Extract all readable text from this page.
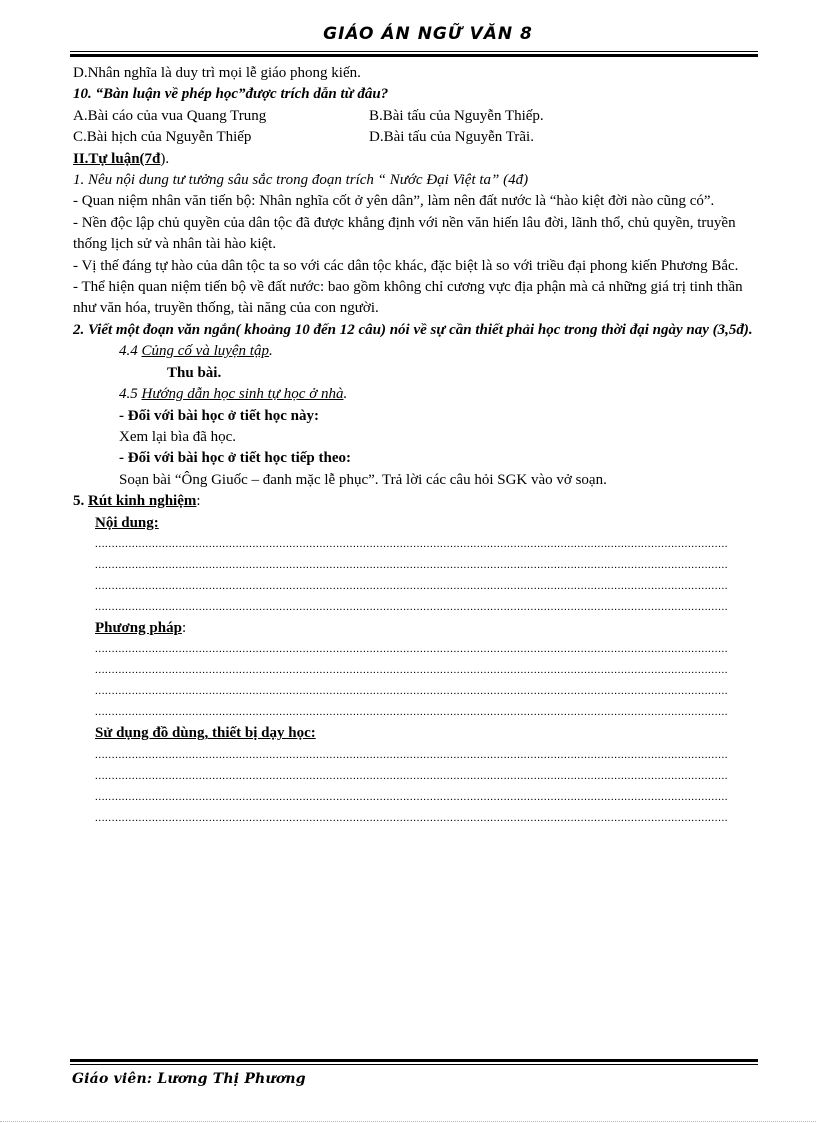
GIÁO ÁN NGỮ VĂN 8

D.Nhân nghĩa là duy trì mọi lễ giáo phong kiến.

10. “Bàn luận về phép học”được trích dẫn từ đâu?

A.Bài cáo của vua Quang Trung	B.Bài tấu của Nguyễn Thiếp.

C.Bài hịch của Nguyễn Thiếp	D.Bài tấu của Nguyễn Trãi.

II.Tự luận(7đ).

1. Nêu nội dung tư tưởng sâu sắc trong đoạn trích “ Nước Đại Việt ta” (4đ)

- Quan niệm nhân văn tiến bộ: Nhân nghĩa cốt ở yên dân”, làm nên đất nước là “hào kiệt đời nào cũng có”.

- Nền độc lập chủ quyền của dân tộc đã được khẳng định với nền văn hiến lâu đời, lãnh thổ, chủ quyền, truyền thống lịch sử và nhân tài hào kiệt.

- Vị thế đáng tự hào của dân tộc ta so với các dân tộc khác, đặc biệt là so với triều đại phong kiến Phương Bắc.

- Thể hiện quan niệm tiến bộ về đất nước: bao gồm không chỉ cương vực địa phận mà cả những giá trị tinh thần như văn hóa, truyền thống, tài năng của con người.

2. Viết một đoạn văn ngắn( khoảng 10 đến 12 câu) nói về sự cần thiết phải học trong thời đại ngày nay (3,5đ).

4.4 Củng cố và luyện tập.

Thu bài.

4.5 Hướng dẫn học sinh tự học ở nhà.

- Đối với bài học ở tiết học này:

Xem lại bìa đã học.

- Đối với bài học ở tiết học tiếp theo:

Soạn bài “Ông Giuốc – đanh mặc lễ phục”. Trả lời các câu hỏi SGK vào vở soạn.

5. Rút kinh nghiệm:

Nội dung:

.....
.....
.....
.....

Phương pháp:

.....
.....
.....
.....

Sử dụng đồ dùng, thiết bị dạy học:

.....
.....
.....
.....
Giáo viên: Lương Thị Phương
